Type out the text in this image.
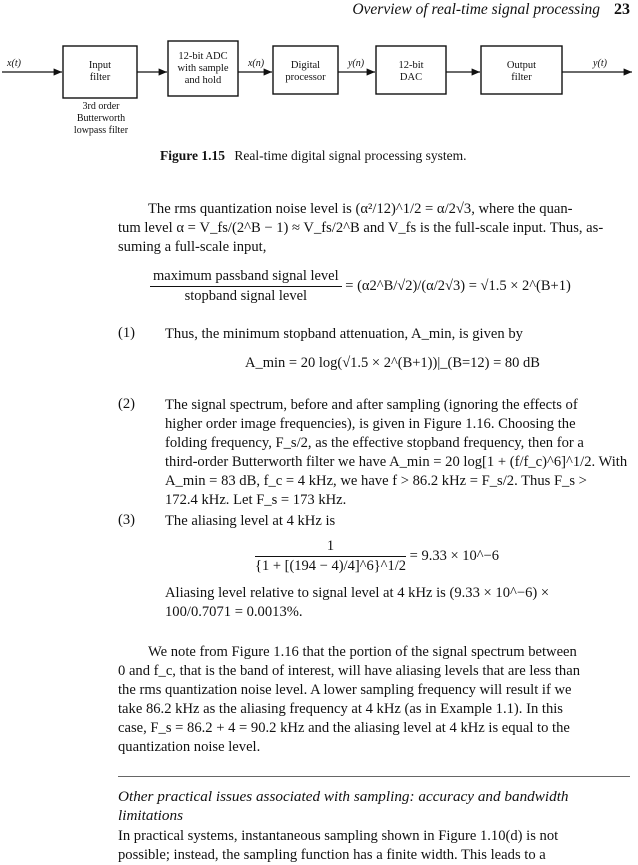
Overview of real-time signal processing 23
Input
filter
12-bit ADC
with sample
and hold
Digital
processor
12-bit
DAC
Output
filter
x(t)	x(n)	y(n)	y(t)
3rd order
Butterworth
lowpass filter
Figure 1.15 Real-time digital signal processing system.
The rms quantization noise level is (α²/12)^1/2 = α/2√3, where the quan-
tum level α = V_fs/(2^B − 1) ≈ V_fs/2^B and V_fs is the full-scale input. Thus, as-
suming a full-scale input,
$\frac{\text{maximum passband signal level}}{\text{stopband signal level}}$ = (α2^B/√2)/(α/2√3) = √1.5 × 2^(B+1)
(1) Thus, the minimum stopband attenuation, A_min, is given by
A_min = 20 log(√1.5 × 2^(B+1))|_(B=12) = 80 dB
(2) The signal spectrum, before and after sampling (ignoring the effects of
higher order image frequencies), is given in Figure 1.16. Choosing the
folding frequency, F_s/2, as the effective stopband frequency, then for a
third-order Butterworth filter we have A_min = 20 log[1 + (f/f_c)^6]^1/2. With
A_min = 83 dB, f_c = 4 kHz, we have f > 86.2 kHz = F_s/2. Thus F_s >
172.4 kHz. Let F_s = 173 kHz.
(3) The aliasing level at 4 kHz is
$\frac{1}{\{1 + [(194 - 4)/4]\^{}6\}\^{}1/2} = 9.33$ × 10^−6
Aliasing level relative to signal level at 4 kHz is (9.33 × 10^−6) ×
100/0.7071 = 0.0013%.
We note from Figure 1.16 that the portion of the signal spectrum between
0 and f_c, that is the band of interest, will have aliasing levels that are less than
the rms quantization noise level. A lower sampling frequency will result if we
take 86.2 kHz as the aliasing frequency at 4 kHz (as in Example 1.1). In this
case, F_s = 86.2 + 4 = 90.2 kHz and the aliasing level at 4 kHz is equal to the
quantization noise level.
Other practical issues associated with sampling: accuracy and bandwidth
limitations
In practical systems, instantaneous sampling shown in Figure 1.10(d) is not
possible; instead, the sampling function has a finite width. This leads to a
